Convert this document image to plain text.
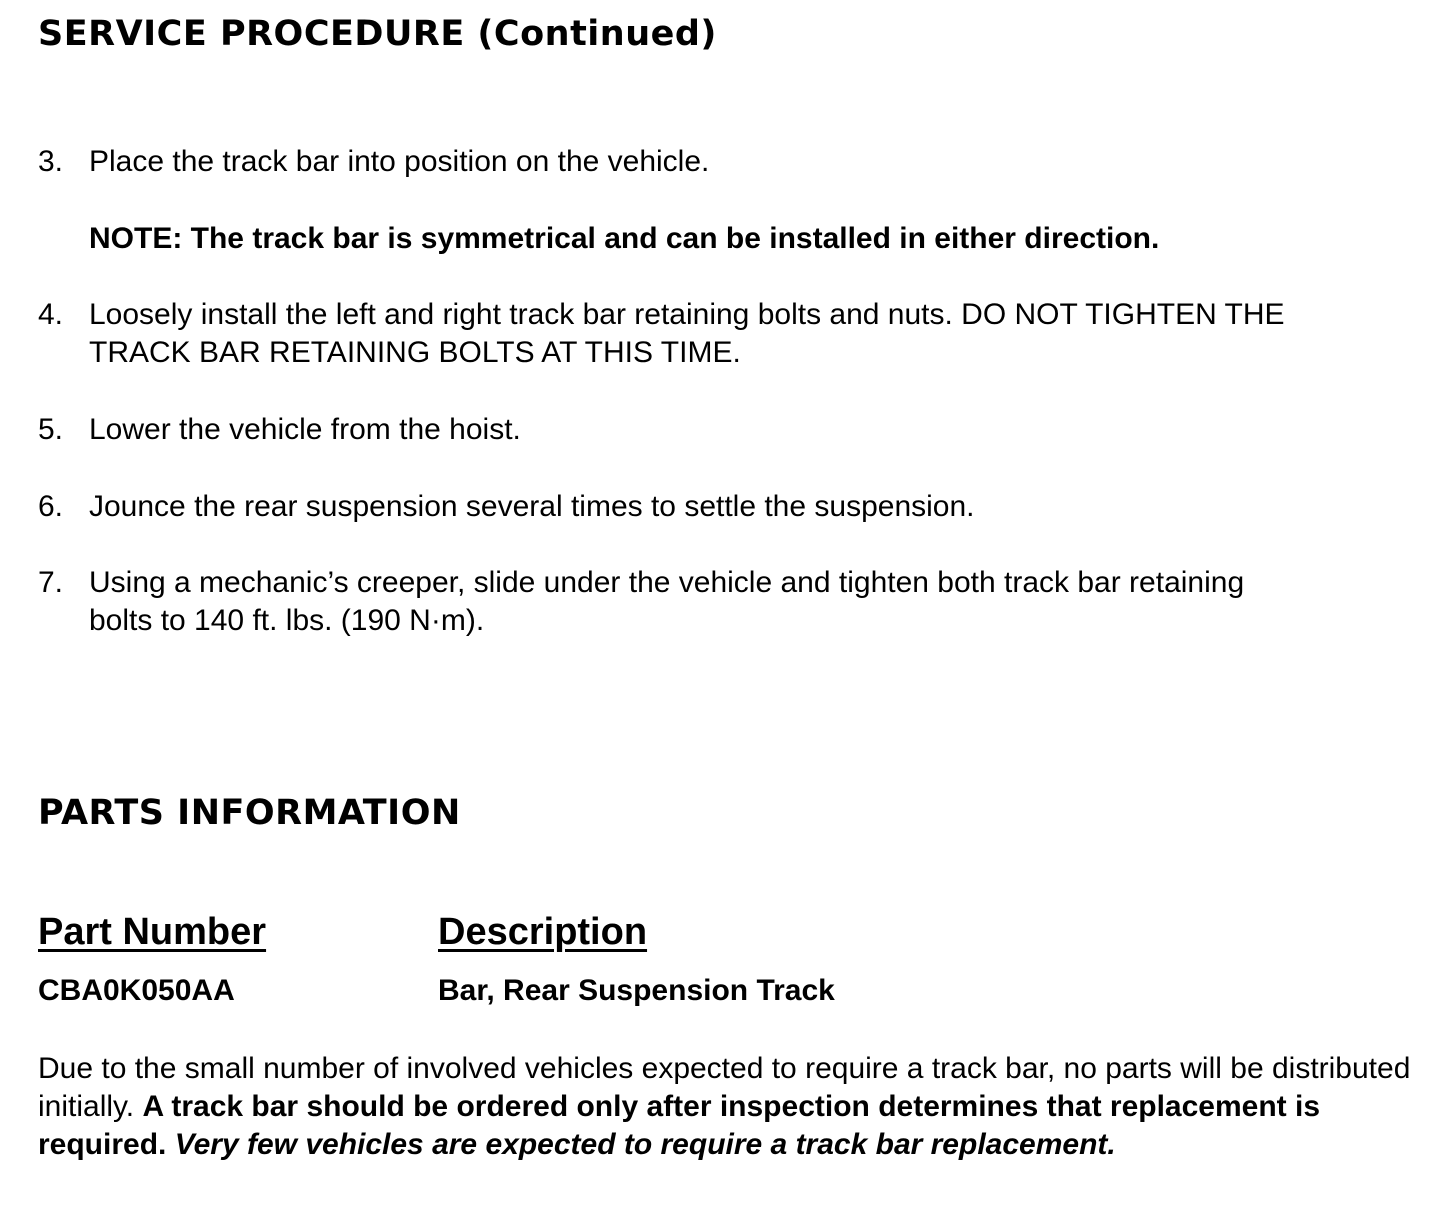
SERVICE PROCEDURE (Continued)
3. Place the track bar into position on the vehicle.
NOTE: The track bar is symmetrical and can be installed in either direction.
4. Loosely install the left and right track bar retaining bolts and nuts. DO NOT TIGHTEN THE
TRACK BAR RETAINING BOLTS AT THIS TIME.
5. Lower the vehicle from the hoist.
6. Jounce the rear suspension several times to settle the suspension.
7. Using a mechanic’s creeper, slide under the vehicle and tighten both track bar retaining
bolts to 140 ft. lbs. (190 N·m).
PARTS INFORMATION
Part Number	Description
CBA0K050AA	Bar, Rear Suspension Track
Due to the small number of involved vehicles expected to require a track bar, no parts will be distributed initially. A track bar should be ordered only after inspection determines that replacement is required. Very few vehicles are expected to require a track bar replacement.
